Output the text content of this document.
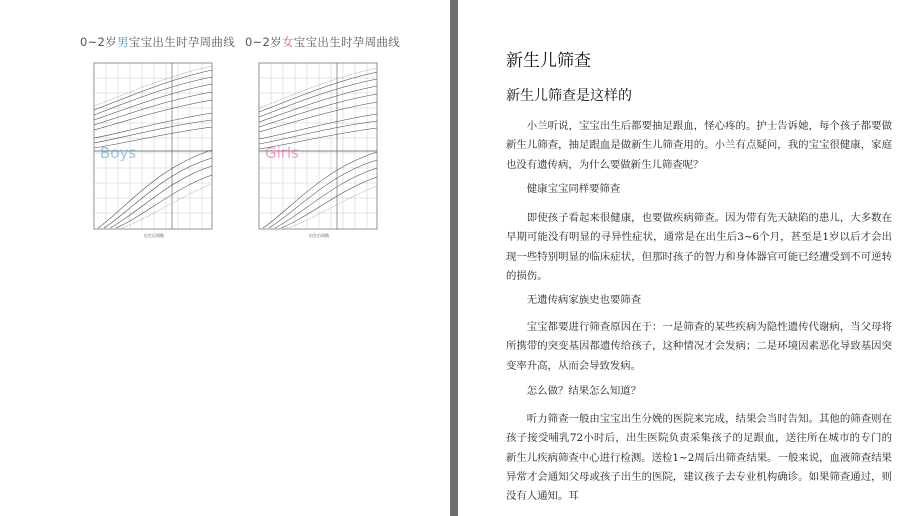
0~2岁男宝宝出生时孕周曲线 0~2岁女宝宝出生时孕周曲线
Boys
出生后周数
Girls
出生后周数
新生儿筛查
新生儿筛查是这样的

小兰听说，宝宝出生后都要抽足跟血，怪心疼的。护士告诉她，每个孩子都要做新生儿筛查，抽足跟血是做新生儿筛查用的。小兰有点疑问，我的宝宝很健康，家庭也没有遗传病，为什么要做新生儿筛查呢？

健康宝宝同样要筛查

即使孩子看起来很健康，也要做疾病筛查。因为带有先天缺陷的患儿，大多数在早期可能没有明显的寻异性症状，通常是在出生后3~6个月，甚至是1岁以后才会出现一些特别明显的临床症状，但那时孩子的智力和身体器官可能已经遭受到不可逆转的损伤。

无遗传病家族史也要筛查

宝宝都要进行筛查原因在于：一是筛查的某些疾病为隐性遗传代谢病，当父母将所携带的突变基因都遗传给孩子，这种情况才会发病；二是环境因素恶化导致基因突变率升高，从而会导致发病。

怎么做？结果怎么知道？

听力筛查一般由宝宝出生分娩的医院来完成，结果会当时告知。其他的筛查则在孩子接受哺乳72小时后，出生医院负责采集孩子的足跟血，送往所在城市的专门的新生儿疾病筛查中心进行检测。送检1~2周后出筛查结果。一般来说，血液筛查结果异常才会通知父母或孩子出生的医院，建议孩子去专业机构确诊。如果筛查通过，则没有人通知。耳
